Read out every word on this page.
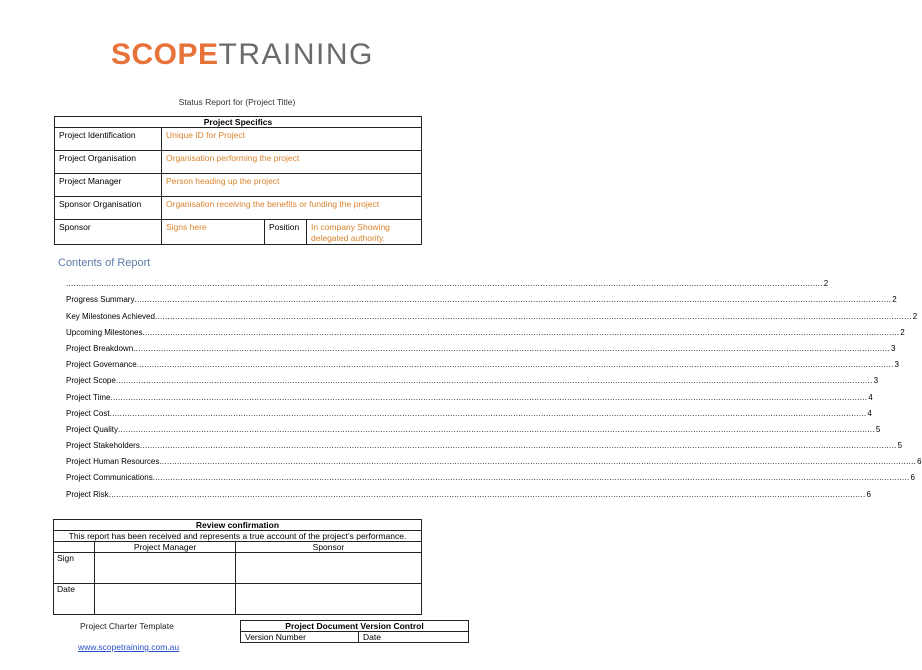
SCOPETRAINING
Status Report for (Project Title)
Project Specifics			
Project Identification	Unique ID for Project		
Project Organisation	Organisation performing the project		
Project Manager	Person heading up the project		
Sponsor Organisation	Organisation receiving the benefits or funding the project		
Sponsor	Signs here	Position	In company Showing delegated authority.
Contents of Report
............................................................................................................................................................................................................................................................................................................ 2
Progress Summary ............................................................................................................................................................................................................................................................................................................ 2
Key Milestones Achieved ............................................................................................................................................................................................................................................................................................................ 2
Upcoming Milestones ............................................................................................................................................................................................................................................................................................................ 2
Project Breakdown ............................................................................................................................................................................................................................................................................................................ 3
Project Governance ............................................................................................................................................................................................................................................................................................................ 3
Project Scope ............................................................................................................................................................................................................................................................................................................ 3
Project Time ............................................................................................................................................................................................................................................................................................................ 4
Project Cost ............................................................................................................................................................................................................................................................................................................ 4
Project Quality ............................................................................................................................................................................................................................................................................................................ 5
Project Stakeholders ............................................................................................................................................................................................................................................................................................................ 5
Project Human Resources ............................................................................................................................................................................................................................................................................................................ 6
Project Communications ............................................................................................................................................................................................................................................................................................................ 6
Project Risk ............................................................................................................................................................................................................................................................................................................ 6
Review confirmation		
This report has been received and represents a true account of the project’s performance.		
	Project Manager	Sponsor
Sign		
Date		
Project Charter Template
www.scopetraining.com.au
Project Document Version Control
Version Number	Date
